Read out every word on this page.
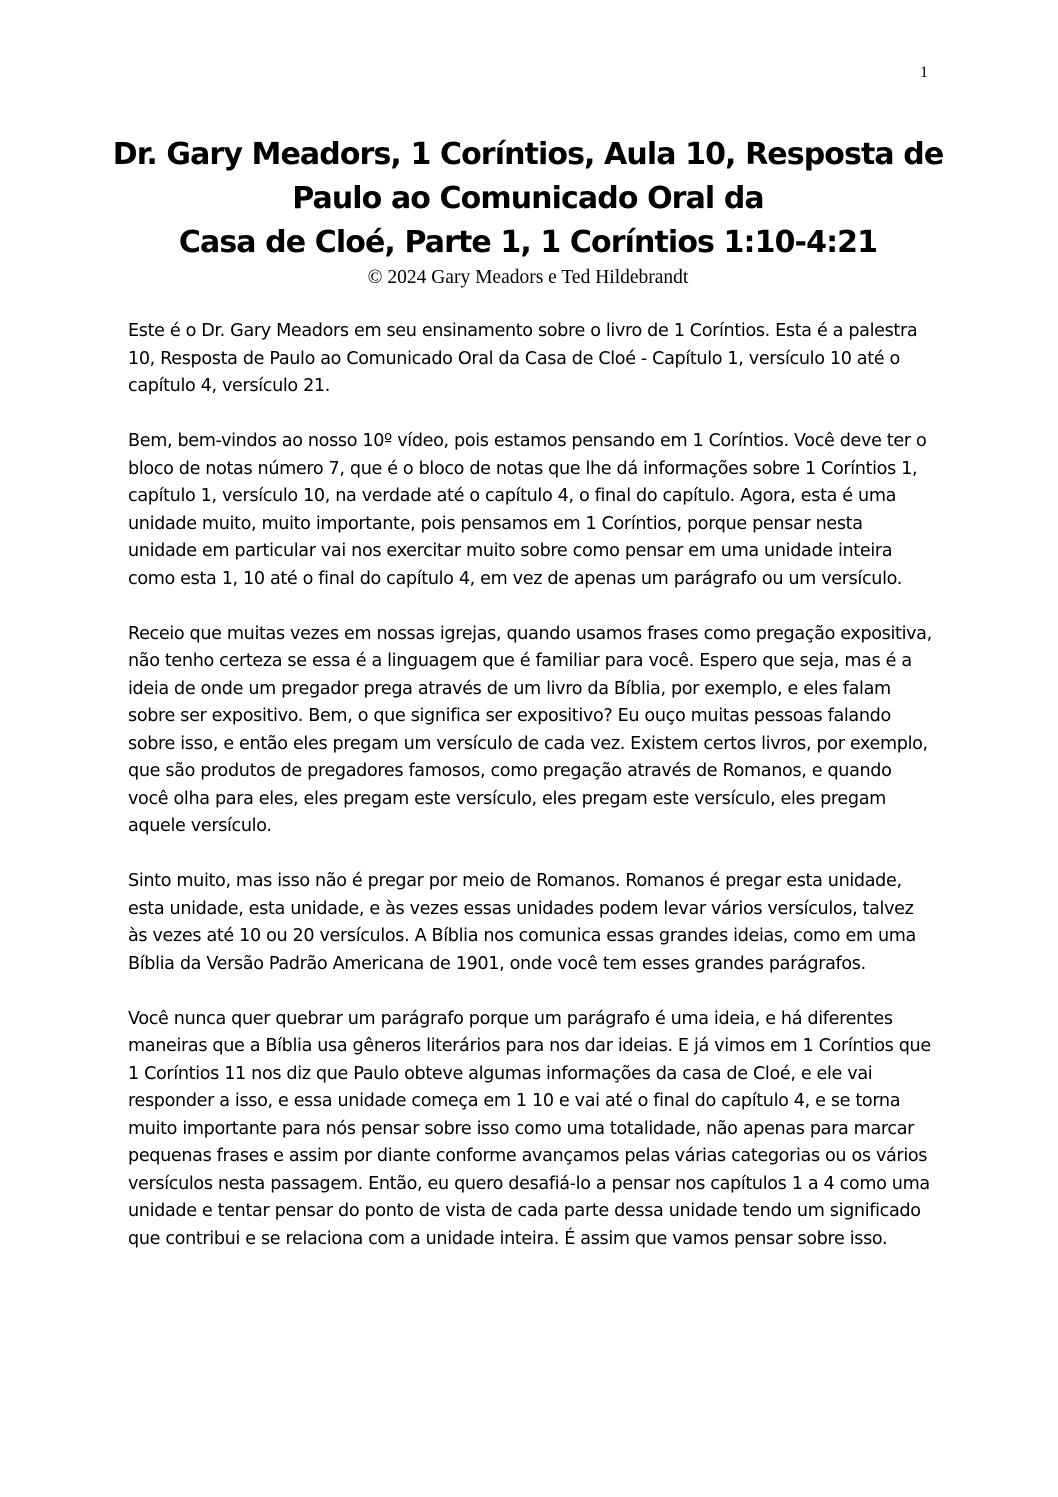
1
Dr. Gary Meadors, 1 Coríntios, Aula 10, Resposta de
Paulo ao Comunicado Oral da
Casa de Cloé, Parte 1, 1 Coríntios 1:10-4:21
© 2024 Gary Meadors e Ted Hildebrandt

Este é o Dr. Gary Meadors em seu ensinamento sobre o livro de 1 Coríntios. Esta é a palestra 10, Resposta de Paulo ao Comunicado Oral da Casa de Cloé - Capítulo 1, versículo 10 até o capítulo 4, versículo 21.

Bem, bem-vindos ao nosso 10º vídeo, pois estamos pensando em 1 Coríntios. Você deve ter o bloco de notas número 7, que é o bloco de notas que lhe dá informações sobre 1 Coríntios 1, capítulo 1, versículo 10, na verdade até o capítulo 4, o final do capítulo. Agora, esta é uma unidade muito, muito importante, pois pensamos em 1 Coríntios, porque pensar nesta unidade em particular vai nos exercitar muito sobre como pensar em uma unidade inteira como esta 1, 10 até o final do capítulo 4, em vez de apenas um parágrafo ou um versículo.

Receio que muitas vezes em nossas igrejas, quando usamos frases como pregação expositiva, não tenho certeza se essa é a linguagem que é familiar para você. Espero que seja, mas é a ideia de onde um pregador prega através de um livro da Bíblia, por exemplo, e eles falam sobre ser expositivo. Bem, o que significa ser expositivo? Eu ouço muitas pessoas falando sobre isso, e então eles pregam um versículo de cada vez. Existem certos livros, por exemplo, que são produtos de pregadores famosos, como pregação através de Romanos, e quando você olha para eles, eles pregam este versículo, eles pregam este versículo, eles pregam aquele versículo.

Sinto muito, mas isso não é pregar por meio de Romanos. Romanos é pregar esta unidade, esta unidade, esta unidade, e às vezes essas unidades podem levar vários versículos, talvez às vezes até 10 ou 20 versículos. A Bíblia nos comunica essas grandes ideias, como em uma Bíblia da Versão Padrão Americana de 1901, onde você tem esses grandes parágrafos.

Você nunca quer quebrar um parágrafo porque um parágrafo é uma ideia, e há diferentes maneiras que a Bíblia usa gêneros literários para nos dar ideias. E já vimos em 1 Coríntios que 1 Coríntios 11 nos diz que Paulo obteve algumas informações da casa de Cloé, e ele vai responder a isso, e essa unidade começa em 1 10 e vai até o final do capítulo 4, e se torna muito importante para nós pensar sobre isso como uma totalidade, não apenas para marcar pequenas frases e assim por diante conforme avançamos pelas várias categorias ou os vários versículos nesta passagem. Então, eu quero desafiá-lo a pensar nos capítulos 1 a 4 como uma unidade e tentar pensar do ponto de vista de cada parte dessa unidade tendo um significado que contribui e se relaciona com a unidade inteira. É assim que vamos pensar sobre isso.
